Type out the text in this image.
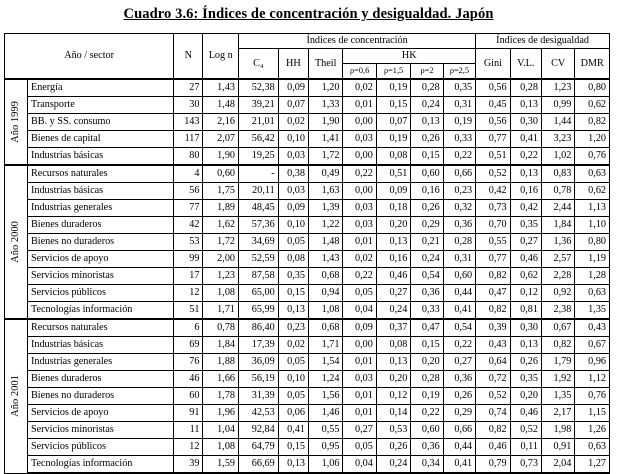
Cuadro 3.6: Índices de concentración y desigualdad. Japón
Año / sector		N	Log n	Índices de concentración							Índices de desigualdad			
				C₄	HH	Theil	HK				Gini	V.L.	CV	DMR
							ρ=0,6	ρ=1,5	ρ=2	ρ=2,5				

Año 1999	Energía	27	1,43	52,38	0,09	1,20	0,02	0,19	0,28	0,35	0,56	0,28	1,23	0,80
	Transporte	30	1,48	39,21	0,07	1,33	0,01	0,15	0,24	0,31	0,45	0,13	0,99	0,62
	BB. y SS. consumo	143	2,16	21,01	0,02	1,90	0,00	0,07	0,13	0,19	0,56	0,30	1,44	0,82
	Bienes de capital	117	2,07	56,42	0,10	1,41	0,03	0,19	0,26	0,33	0,77	0,41	3,23	1,20
	Industrias básicas	80	1,90	19,25	0,03	1,72	0,00	0,08	0,15	0,22	0,51	0,22	1,02	0,76

Año 2000	Recursos naturales	4	0,60	-	0,38	0,49	0,22	0,51	0,60	0,66	0,52	0,13	0,83	0,63
	Industrias básicas	56	1,75	20,11	0,03	1,63	0,00	0,09	0,16	0,23	0,42	0,16	0,78	0,62
	Industrias generales	77	1,89	48,45	0,09	1,39	0,03	0,18	0,26	0,32	0,73	0,42	2,44	1,13
	Bienes duraderos	42	1,62	57,36	0,10	1,22	0,03	0,20	0,29	0,36	0,70	0,35	1,84	1,10
	Bienes no duraderos	53	1,72	34,69	0,05	1,48	0,01	0,13	0,21	0,28	0,55	0,27	1,36	0,80
	Servicios de apoyo	99	2,00	52,59	0,08	1,43	0,02	0,16	0,24	0,31	0,77	0,46	2,57	1,19
	Servicios minoristas	17	1,23	87,58	0,35	0,68	0,22	0,46	0,54	0,60	0,82	0,62	2,28	1,28
	Servicios públicos	12	1,08	65,00	0,15	0,94	0,05	0,27	0,36	0,44	0,47	0,12	0,92	0,63
	Tecnologías información	51	1,71	65,99	0,13	1,08	0,04	0,24	0,33	0,41	0,82	0,81	2,38	1,35

Año 2001	Recursos naturales	6	0,78	86,40	0,23	0,68	0,09	0,37	0,47	0,54	0,39	0,30	0,67	0,43
	Industrias básicas	69	1,84	17,39	0,02	1,71	0,00	0,08	0,15	0,22	0,43	0,13	0,82	0,67
	Industrias generales	76	1,88	36,09	0,05	1,54	0,01	0,13	0,20	0,27	0,64	0,26	1,79	0,96
	Bienes duraderos	46	1,66	56,19	0,10	1,24	0,03	0,20	0,28	0,36	0,72	0,35	1,92	1,12
	Bienes no duraderos	60	1,78	31,39	0,05	1,56	0,01	0,12	0,19	0,26	0,52	0,20	1,35	0,76
	Servicios de apoyo	91	1,96	42,53	0,06	1,46	0,01	0,14	0,22	0,29	0,74	0,46	2,17	1,15
	Servicios minoristas	11	1,04	92,84	0,41	0,55	0,27	0,53	0,60	0,66	0,82	0,52	1,98	1,26
	Servicios públicos	12	1,08	64,79	0,15	0,95	0,05	0,26	0,36	0,44	0,46	0,11	0,91	0,63
	Tecnologías información	39	1,59	66,69	0,13	1,06	0,04	0,24	0,34	0,41	0,79	0,73	2,04	1,27
